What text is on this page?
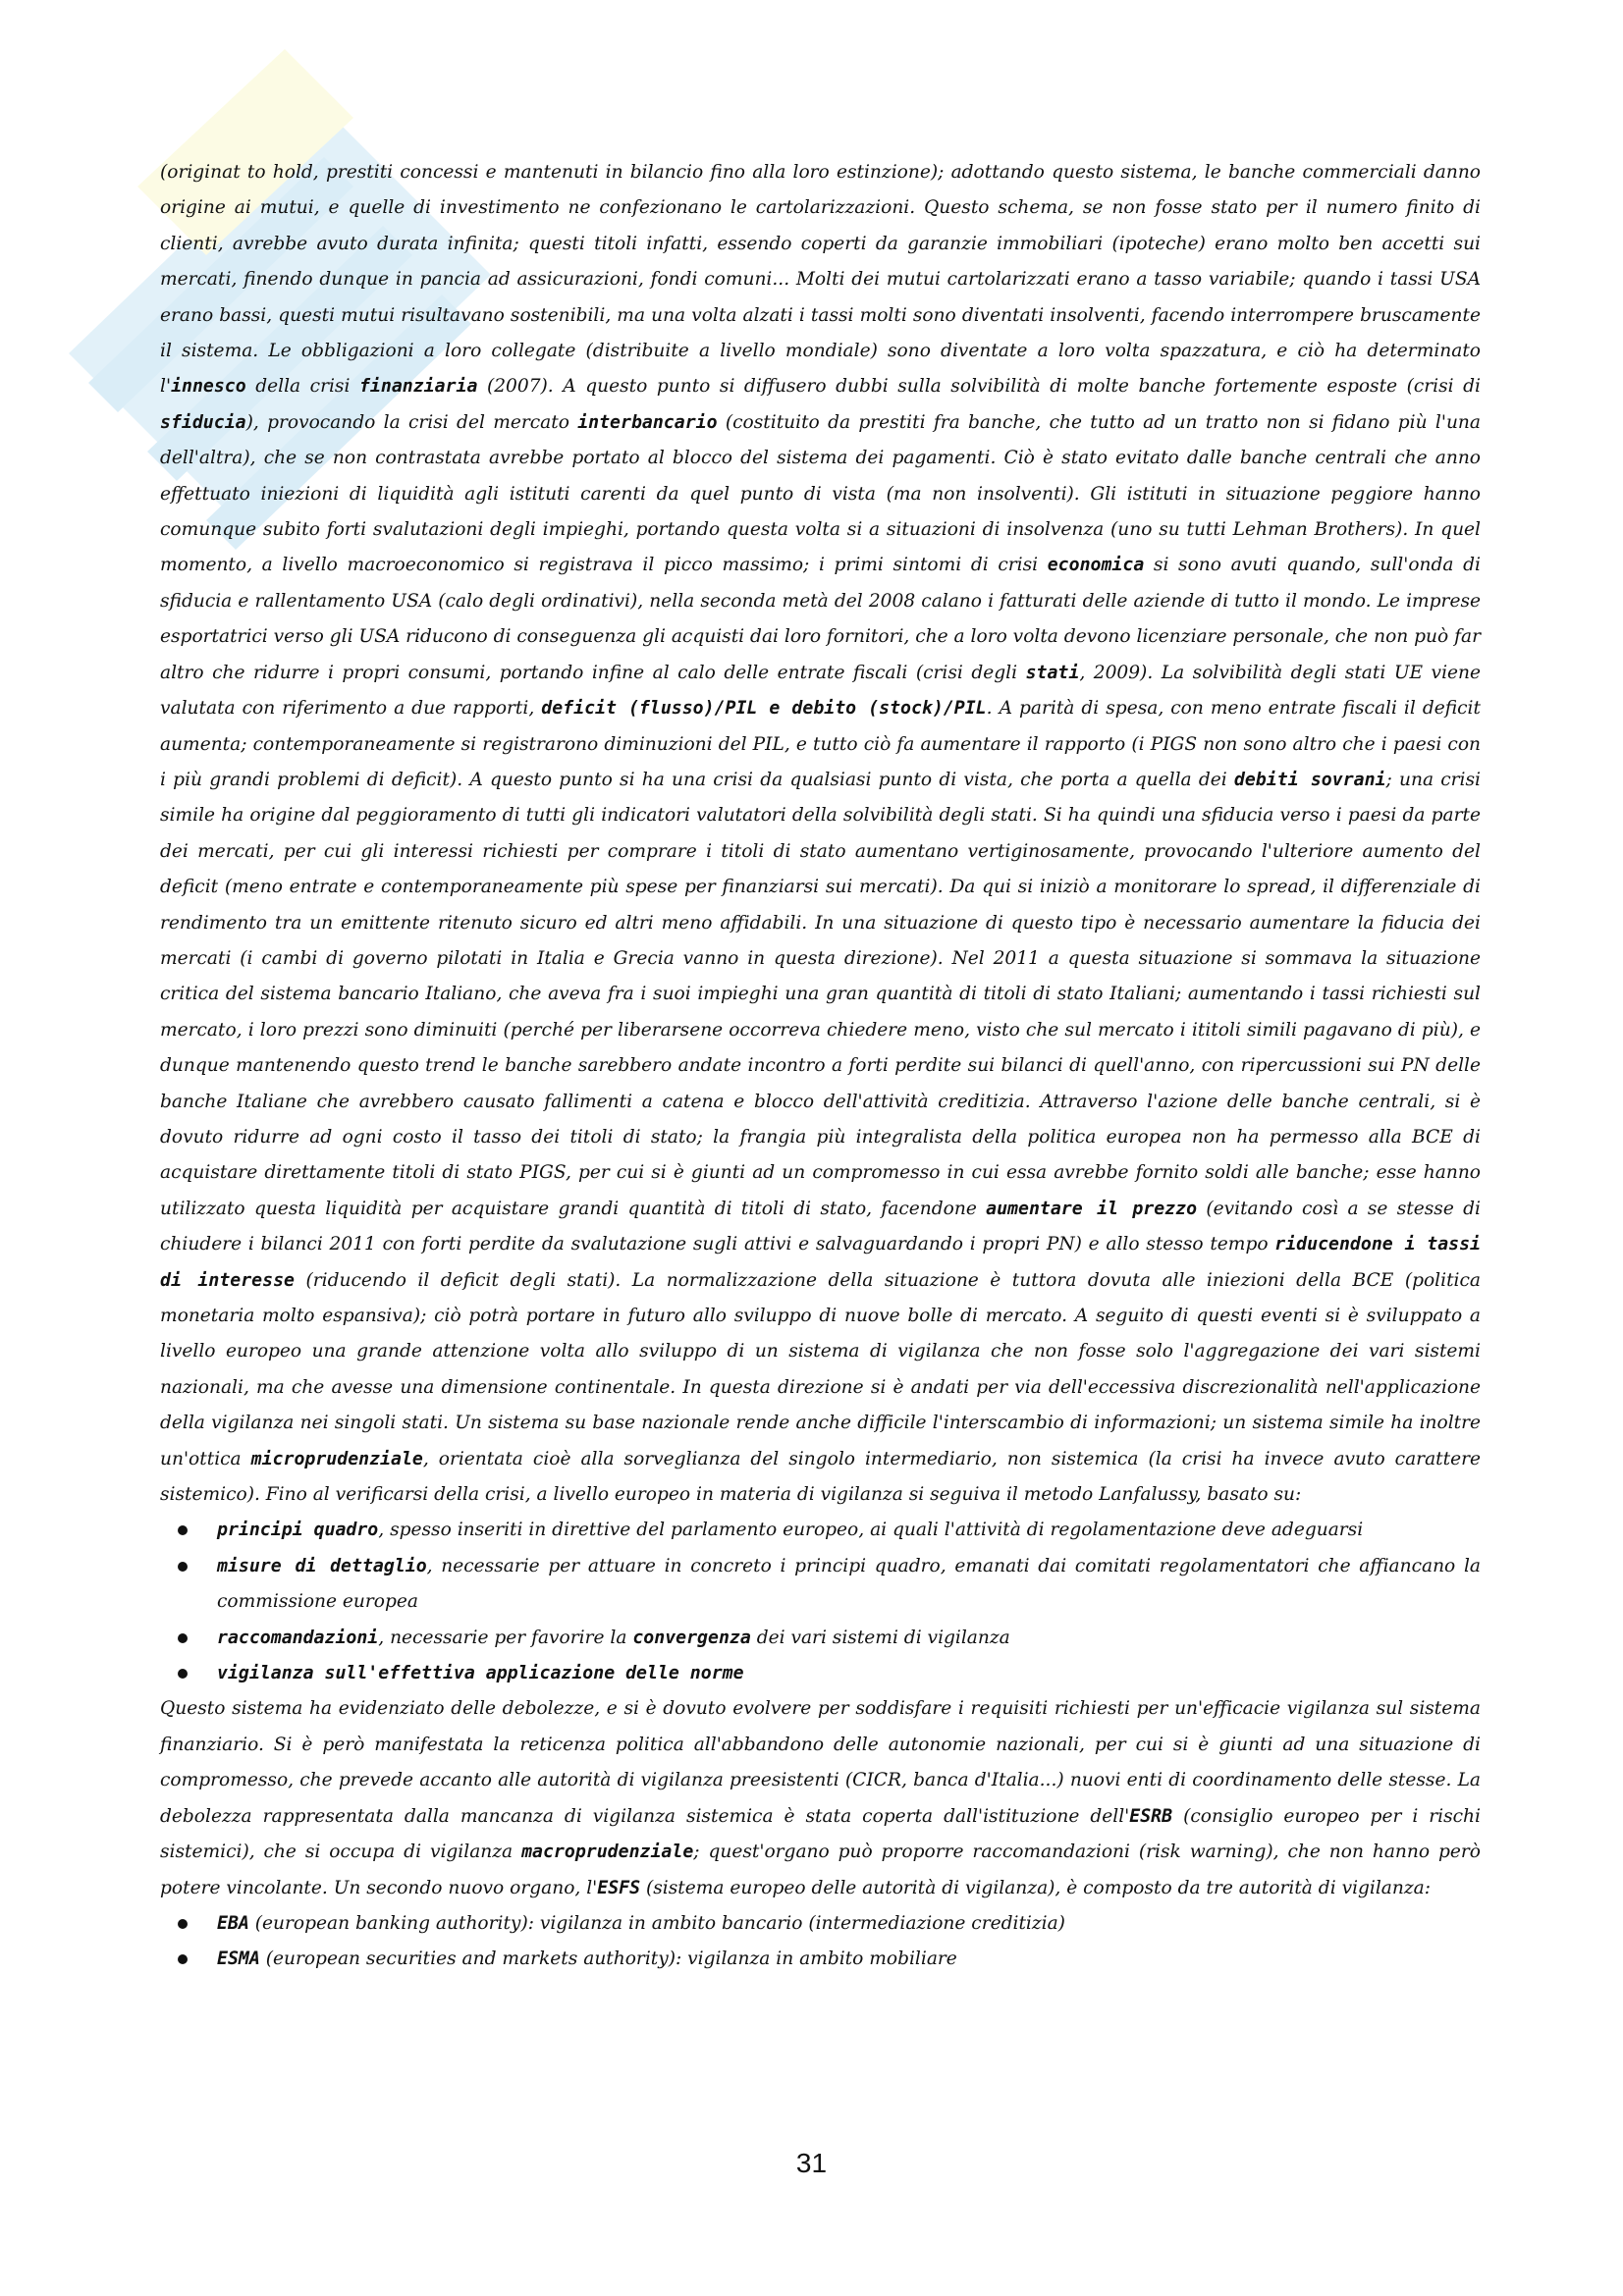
(originat to hold, prestiti concessi e mantenuti in bilancio fino alla loro estinzione); adottando questo sistema, le banche commerciali danno origine ai mutui, e quelle di investimento ne confezionano le cartolarizzazioni. Questo schema, se non fosse stato per il numero finito di clienti, avrebbe avuto durata infinita; questi titoli infatti, essendo coperti da garanzie immobiliari (ipoteche) erano molto ben accetti sui mercati, finendo dunque in pancia ad assicurazioni, fondi comuni... Molti dei mutui cartolarizzati erano a tasso variabile; quando i tassi USA erano bassi, questi mutui risultavano sostenibili, ma una volta alzati i tassi molti sono diventati insolventi, facendo interrompere bruscamente il sistema. Le obbligazioni a loro collegate (distribuite a livello mondiale) sono diventate a loro volta spazzatura, e ciò ha determinato l'innesco della crisi finanziaria (2007). A questo punto si diffusero dubbi sulla solvibilità di molte banche fortemente esposte (crisi di sfiducia), provocando la crisi del mercato interbancario (costituito da prestiti fra banche, che tutto ad un tratto non si fidano più l'una dell'altra), che se non contrastata avrebbe portato al blocco del sistema dei pagamenti. Ciò è stato evitato dalle banche centrali che anno effettuato iniezioni di liquidità agli istituti carenti da quel punto di vista (ma non insolventi). Gli istituti in situazione peggiore hanno comunque subito forti svalutazioni degli impieghi, portando questa volta si a situazioni di insolvenza (uno su tutti Lehman Brothers). In quel momento, a livello macroeconomico si registrava il picco massimo; i primi sintomi di crisi economica si sono avuti quando, sull'onda di sfiducia e rallentamento USA (calo degli ordinativi), nella seconda metà del 2008 calano i fatturati delle aziende di tutto il mondo. Le imprese esportatrici verso gli USA riducono di conseguenza gli acquisti dai loro fornitori, che a loro volta devono licenziare personale, che non può far altro che ridurre i propri consumi, portando infine al calo delle entrate fiscali (crisi degli stati, 2009). La solvibilità degli stati UE viene valutata con riferimento a due rapporti, deficit (flusso)/PIL e debito (stock)/PIL. A parità di spesa, con meno entrate fiscali il deficit aumenta; contemporaneamente si registrarono diminuzioni del PIL, e tutto ciò fa aumentare il rapporto (i PIGS non sono altro che i paesi con i più grandi problemi di deficit). A questo punto si ha una crisi da qualsiasi punto di vista, che porta a quella dei debiti sovrani; una crisi simile ha origine dal peggioramento di tutti gli indicatori valutatori della solvibilità degli stati. Si ha quindi una sfiducia verso i paesi da parte dei mercati, per cui gli interessi richiesti per comprare i titoli di stato aumentano vertiginosamente, provocando l'ulteriore aumento del deficit (meno entrate e contemporaneamente più spese per finanziarsi sui mercati). Da qui si iniziò a monitorare lo spread, il differenziale di rendimento tra un emittente ritenuto sicuro ed altri meno affidabili. In una situazione di questo tipo è necessario aumentare la fiducia dei mercati (i cambi di governo pilotati in Italia e Grecia vanno in questa direzione). Nel 2011 a questa situazione si sommava la situazione critica del sistema bancario Italiano, che aveva fra i suoi impieghi una gran quantità di titoli di stato Italiani; aumentando i tassi richiesti sul mercato, i loro prezzi sono diminuiti (perché per liberarsene occorreva chiedere meno, visto che sul mercato i ititoli simili pagavano di più), e dunque mantenendo questo trend le banche sarebbero andate incontro a forti perdite sui bilanci di quell'anno, con ripercussioni sui PN delle banche Italiane che avrebbero causato fallimenti a catena e blocco dell'attività creditizia. Attraverso l'azione delle banche centrali, si è dovuto ridurre ad ogni costo il tasso dei titoli di stato; la frangia più integralista della politica europea non ha permesso alla BCE di acquistare direttamente titoli di stato PIGS, per cui si è giunti ad un compromesso in cui essa avrebbe fornito soldi alle banche; esse hanno utilizzato questa liquidità per acquistare grandi quantità di titoli di stato, facendone aumentare il prezzo (evitando così a se stesse di chiudere i bilanci 2011 con forti perdite da svalutazione sugli attivi e salvaguardando i propri PN) e allo stesso tempo riducendone i tassi di interesse (riducendo il deficit degli stati). La normalizzazione della situazione è tuttora dovuta alle iniezioni della BCE (politica monetaria molto espansiva); ciò potrà portare in futuro allo sviluppo di nuove bolle di mercato. A seguito di questi eventi si è sviluppato a livello europeo una grande attenzione volta allo sviluppo di un sistema di vigilanza che non fosse solo l'aggregazione dei vari sistemi nazionali, ma che avesse una dimensione continentale. In questa direzione si è andati per via dell'eccessiva discrezionalità nell'applicazione della vigilanza nei singoli stati. Un sistema su base nazionale rende anche difficile l'interscambio di informazioni; un sistema simile ha inoltre un'ottica microprudenziale, orientata cioè alla sorveglianza del singolo intermediario, non sistemica (la crisi ha invece avuto carattere sistemico). Fino al verificarsi della crisi, a livello europeo in materia di vigilanza si seguiva il metodo Lanfalussy, basato su:

principi quadro, spesso inseriti in direttive del parlamento europeo, ai quali l'attività di regolamentazione deve adeguarsi
misure di dettaglio, necessarie per attuare in concreto i principi quadro, emanati dai comitati regolamentatori che affiancano la commissione europea
raccomandazioni, necessarie per favorire la convergenza dei vari sistemi di vigilanza
vigilanza sull'effettiva applicazione delle norme

Questo sistema ha evidenziato delle debolezze, e si è dovuto evolvere per soddisfare i requisiti richiesti per un'efficacie vigilanza sul sistema finanziario. Si è però manifestata la reticenza politica all'abbandono delle autonomie nazionali, per cui si è giunti ad una situazione di compromesso, che prevede accanto alle autorità di vigilanza preesistenti (CICR, banca d'Italia...) nuovi enti di coordinamento delle stesse. La debolezza rappresentata dalla mancanza di vigilanza sistemica è stata coperta dall'istituzione dell'ESRB (consiglio europeo per i rischi sistemici), che si occupa di vigilanza macroprudenziale; quest'organo può proporre raccomandazioni (risk warning), che non hanno però potere vincolante. Un secondo nuovo organo, l'ESFS (sistema europeo delle autorità di vigilanza), è composto da tre autorità di vigilanza:

EBA (european banking authority): vigilanza in ambito bancario (intermediazione creditizia)
ESMA (european securities and markets authority): vigilanza in ambito mobiliare
31
